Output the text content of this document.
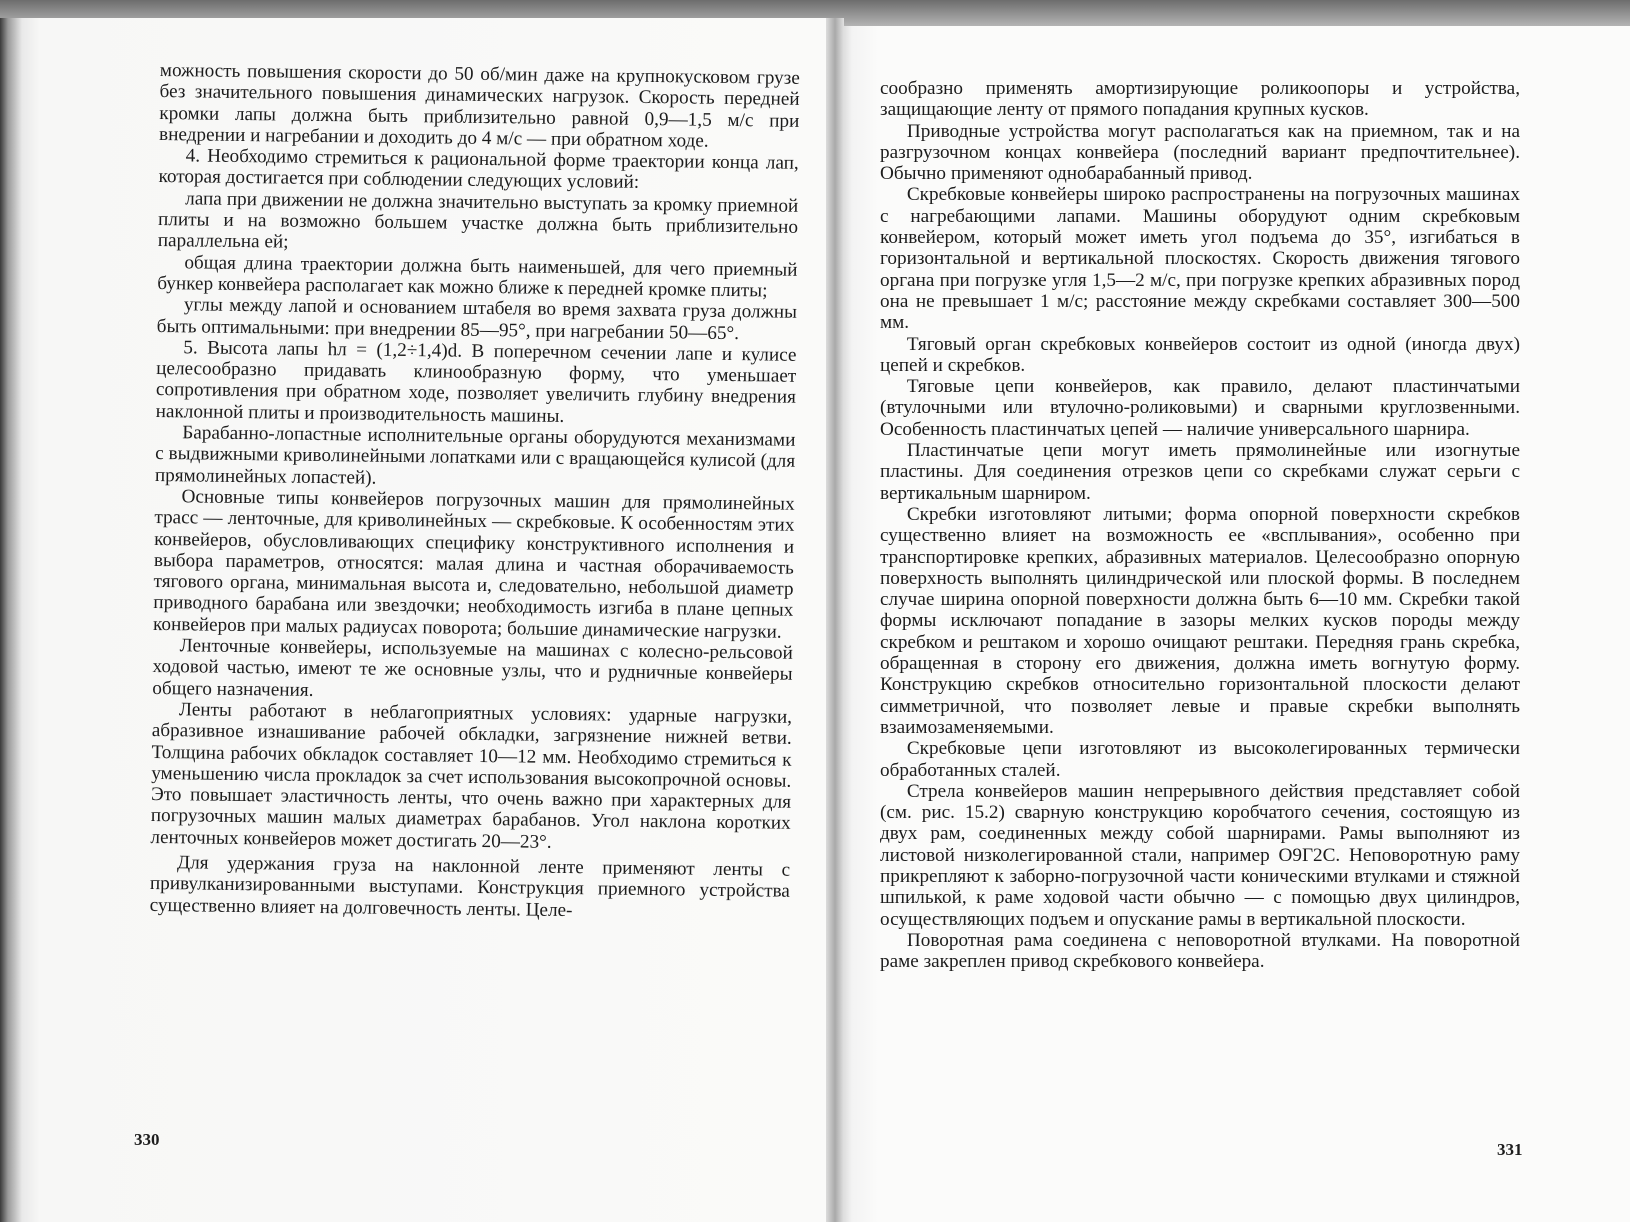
можность повышения скорости до 50 об/мин даже на крупнокусковом грузе без значительного повышения динамических нагрузок. Скорость передней кромки лапы должна быть приблизительно равной 0,9—1,5 м/с при внедрении и нагребании и доходить до 4 м/с — при обратном ходе.

4. Необходимо стремиться к рациональной форме траектории конца лап, которая достигается при соблюдении следующих условий:

лапа при движении не должна значительно выступать за кромку приемной плиты и на возможно большем участке должна быть приблизительно параллельна ей;

общая длина траектории должна быть наименьшей, для чего приемный бункер конвейера располагает как можно ближе к передней кромке плиты;

углы между лапой и основанием штабеля во время захвата груза должны быть оптимальными: при внедрении 85—95°, при нагребании 50—65°.

5. Высота лапы hл = (1,2÷1,4)d. В поперечном сечении лапе и кулисе целесообразно придавать клинообразную форму, что уменьшает сопротивления при обратном ходе, позволяет увеличить глубину внедрения наклонной плиты и производительность машины.

Барабанно-лопастные исполнительные органы оборудуются механизмами с выдвижными криволинейными лопатками или с вращающейся кулисой (для прямолинейных лопастей).

Основные типы конвейеров погрузочных машин для прямолинейных трасс — ленточные, для криволинейных — скребковые. К особенностям этих конвейеров, обусловливающих специфику конструктивного исполнения и выбора параметров, относятся: малая длина и частная оборачиваемость тягового органа, минимальная высота и, следовательно, небольшой диаметр приводного барабана или звездочки; необходимость изгиба в плане цепных конвейеров при малых радиусах поворота; большие динамические нагрузки.

Ленточные конвейеры, используемые на машинах с колесно-рельсовой ходовой частью, имеют те же основные узлы, что и рудничные конвейеры общего назначения.

Ленты работают в неблагоприятных условиях: ударные нагрузки, абразивное изнашивание рабочей обкладки, загрязнение нижней ветви. Толщина рабочих обкладок составляет 10—12 мм. Необходимо стремиться к уменьшению числа прокладок за счет использования высокопрочной основы. Это повышает эластичность ленты, что очень важно при характерных для погрузочных машин малых диаметрах барабанов. Угол наклона коротких ленточных конвейеров может достигать 20—23°.

Для удержания груза на наклонной ленте применяют ленты с привулканизированными выступами. Конструкция приемного устройства существенно влияет на долговечность ленты. Целе-

330

сообразно применять амортизирующие роликоопоры и устройства, защищающие ленту от прямого попадания крупных кусков.

Приводные устройства могут располагаться как на приемном, так и на разгрузочном концах конвейера (последний вариант предпочтительнее). Обычно применяют однобарабанный привод.

Скребковые конвейеры широко распространены на погрузочных машинах с нагребающими лапами. Машины оборудуют одним скребковым конвейером, который может иметь угол подъема до 35°, изгибаться в горизонтальной и вертикальной плоскостях. Скорость движения тягового органа при погрузке угля 1,5—2 м/с, при погрузке крепких абразивных пород она не превышает 1 м/с; расстояние между скребками составляет 300—500 мм.

Тяговый орган скребковых конвейеров состоит из одной (иногда двух) цепей и скребков.

Тяговые цепи конвейеров, как правило, делают пластинчатыми (втулочными или втулочно-роликовыми) и сварными круглозвенными. Особенность пластинчатых цепей — наличие универсального шарнира.

Пластинчатые цепи могут иметь прямолинейные или изогнутые пластины. Для соединения отрезков цепи со скребками служат серьги с вертикальным шарниром.

Скребки изготовляют литыми; форма опорной поверхности скребков существенно влияет на возможность ее «всплывания», особенно при транспортировке крепких, абразивных материалов. Целесообразно опорную поверхность выполнять цилиндрической или плоской формы. В последнем случае ширина опорной поверхности должна быть 6—10 мм. Скребки такой формы исключают попадание в зазоры мелких кусков породы между скребком и рештаком и хорошо очищают рештаки. Передняя грань скребка, обращенная в сторону его движения, должна иметь вогнутую форму. Конструкцию скребков относительно горизонтальной плоскости делают симметричной, что позволяет левые и правые скребки выполнять взаимозаменяемыми.

Скребковые цепи изготовляют из высоколегированных термически обработанных сталей.

Стрела конвейеров машин непрерывного действия представляет собой (см. рис. 15.2) сварную конструкцию коробчатого сечения, состоящую из двух рам, соединенных между собой шарнирами. Рамы выполняют из листовой низколегированной стали, например О9Г2С. Неповоротную раму прикрепляют к заборно-погрузочной части коническими втулками и стяжной шпилькой, к раме ходовой части обычно — с помощью двух цилиндров, осуществляющих подъем и опускание рамы в вертикальной плоскости.

Поворотная рама соединена с неповоротной втулками. На поворотной раме закреплен привод скребкового конвейера.

331
